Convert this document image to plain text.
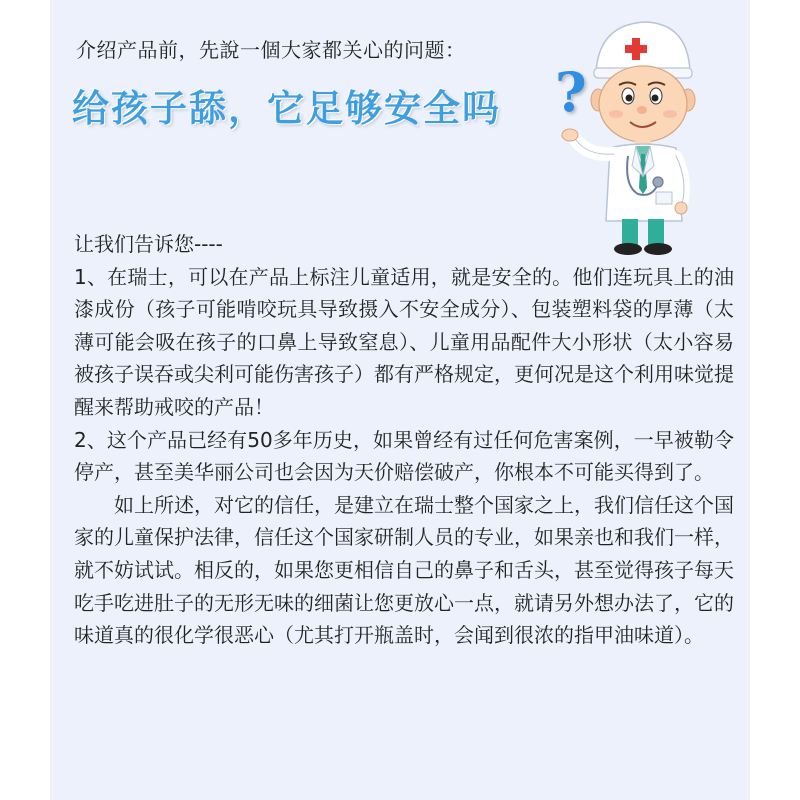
介绍产品前，先說一個大家都关心的问题：
给孩子舔，它足够安全吗 ?

让我们告诉您----

1、在瑞士，可以在产品上标注儿童适用，就是安全的。他们连玩具上的油漆成份（孩子可能啃咬玩具导致摄入不安全成分）、包装塑料袋的厚薄（太薄可能会吸在孩子的口鼻上导致窒息）、儿童用品配件大小形状（太小容易被孩子误吞或尖利可能伤害孩子）都有严格规定，更何况是这个利用味觉提醒来帮助戒咬的产品！

2、这个产品已经有50多年历史，如果曾经有过任何危害案例，一早被勒令停产，甚至美华丽公司也会因为天价赔偿破产，你根本不可能买得到了。

如上所述，对它的信任，是建立在瑞士整个国家之上，我们信任这个国家的儿童保护法律，信任这个国家研制人员的专业，如果亲也和我们一样，就不妨试试。相反的，如果您更相信自己的鼻子和舌头，甚至觉得孩子每天吃手吃进肚子的无形无味的细菌让您更放心一点，就请另外想办法了，它的味道真的很化学很恶心（尤其打开瓶盖时，会闻到很浓的指甲油味道）。
